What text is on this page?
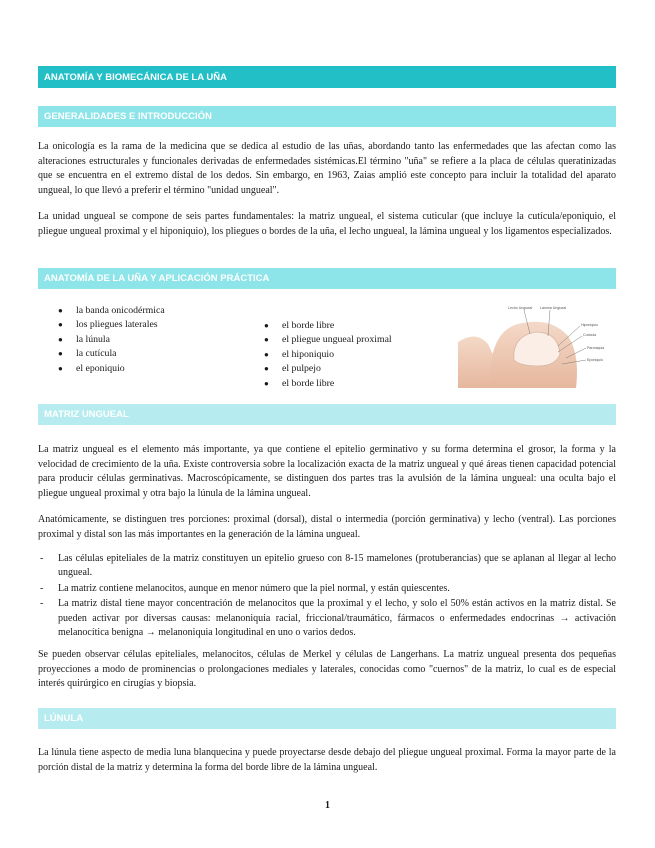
ANATOMÍA Y BIOMECÁNICA DE LA UÑA
GENERALIDADES E INTRODUCCIÓN

La onicología es la rama de la medicina que se dedica al estudio de las uñas, abordando tanto las enfermedades que las afectan como las alteraciones estructurales y funcionales derivadas de enfermedades sistémicas.El término "uña" se refiere a la placa de células queratinizadas que se encuentra en el extremo distal de los dedos. Sin embargo, en 1963, Zaias amplió este concepto para incluir la totalidad del aparato ungueal, lo que llevó a preferir el término "unidad ungueal".

La unidad ungueal se compone de seis partes fundamentales: la matriz ungueal, el sistema cuticular (que incluye la cutícula/eponiquio, el pliegue ungueal proximal y el hiponiquio), los pliegues o bordes de la uña, el lecho ungueal, la lámina ungueal y los ligamentos especializados.

ANATOMÍA DE LA UÑA Y APLICACIÓN PRÁCTICA
● la banda onicodérmica
● los pliegues laterales
● la lúnula
● la cutícula
● el eponiquio
● el borde libre
● el pliegue ungueal proximal
● el hiponiquio
● el pulpejo
● el borde libre
Lecho Ungueal Lámina Ungueal
Hiponiquio
Cutícula
Paroniquia
Eponiquio
MATRIZ UNGUEAL

La matriz ungueal es el elemento más importante, ya que contiene el epitelio germinativo y su forma determina el grosor, la forma y la velocidad de crecimiento de la uña. Existe controversia sobre la localización exacta de la matriz ungueal y qué áreas tienen capacidad potencial para producir células germinativas. Macroscópicamente, se distinguen dos partes tras la avulsión de la lámina ungueal: una oculta bajo el pliegue ungueal proximal y otra bajo la lúnula de la lámina ungueal.

Anatómicamente, se distinguen tres porciones: proximal (dorsal), distal o intermedia (porción germinativa) y lecho (ventral). Las porciones proximal y distal son las más importantes en la generación de la lámina ungueal.

- Las células epiteliales de la matriz constituyen un epitelio grueso con 8-15 mamelones (protuberancias) que se aplanan al llegar al lecho ungueal.
- La matriz contiene melanocitos, aunque en menor número que la piel normal, y están quiescentes.
- La matriz distal tiene mayor concentración de melanocitos que la proximal y el lecho, y solo el 50% están activos en la matriz distal. Se pueden activar por diversas causas: melanoniquia racial, friccional/traumático, fármacos o enfermedades endocrinas → activación melanocítica benigna → melanoniquia longitudinal en uno o varios dedos.

Se pueden observar células epiteliales, melanocitos, células de Merkel y células de Langerhans. La matriz ungueal presenta dos pequeñas proyecciones a modo de prominencias o prolongaciones mediales y laterales, conocidas como "cuernos" de la matriz, lo cual es de especial interés quirúrgico en cirugías y biopsia.

LÚNULA

La lúnula tiene aspecto de media luna blanquecina y puede proyectarse desde debajo del pliegue ungueal proximal. Forma la mayor parte de la porción distal de la matriz y determina la forma del borde libre de la lámina ungueal.

1
